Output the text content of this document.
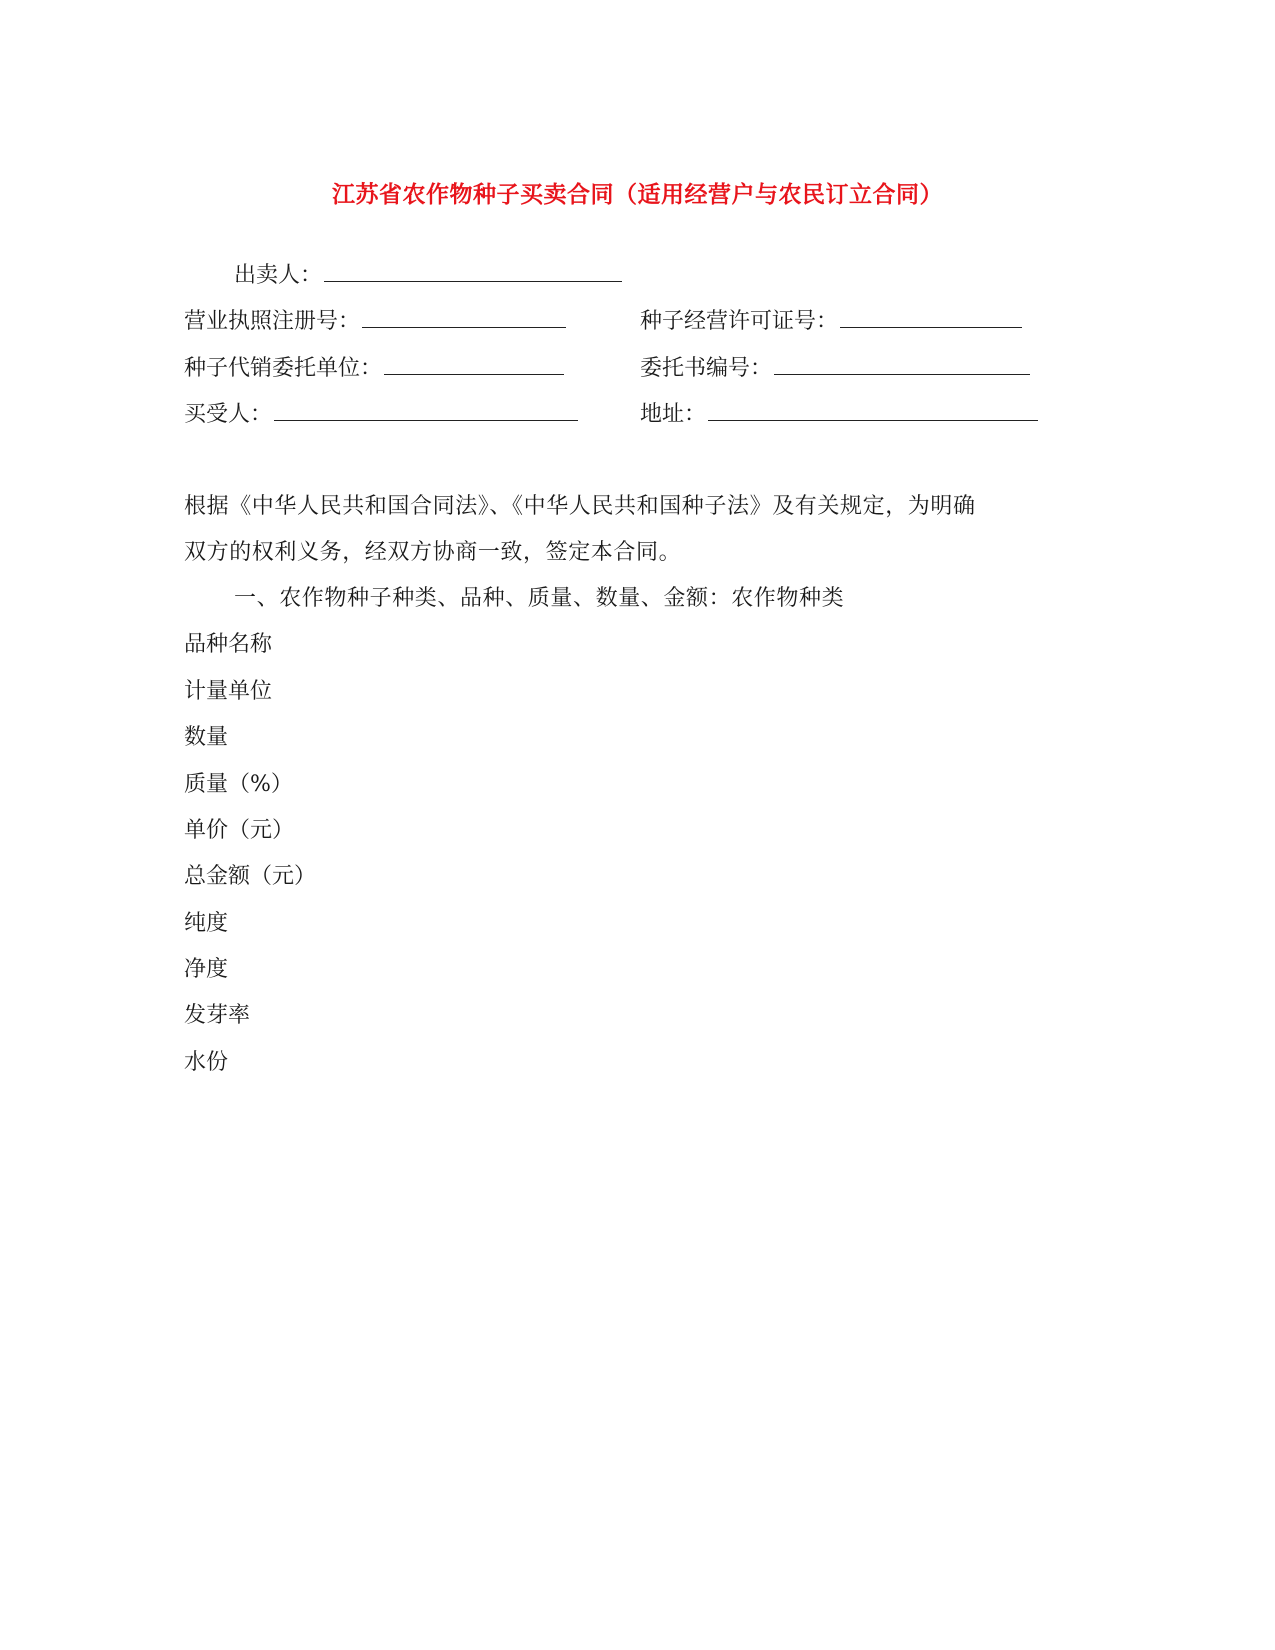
江苏省农作物种子买卖合同（适用经营户与农民订立合同）
出卖人：
营业执照注册号：	种子经营许可证号：
种子代销委托单位：	委托书编号：
买受人：	地址：
根据《中华人民共和国合同法》、《中华人民共和国种子法》及有关规定，为明确
双方的权利义务，经双方协商一致，签定本合同。
一、农作物种子种类、品种、质量、数量、金额：农作物种类
品种名称
计量单位
数量
质量（%）
单价（元）
总金额（元）
纯度
净度
发芽率
水份
